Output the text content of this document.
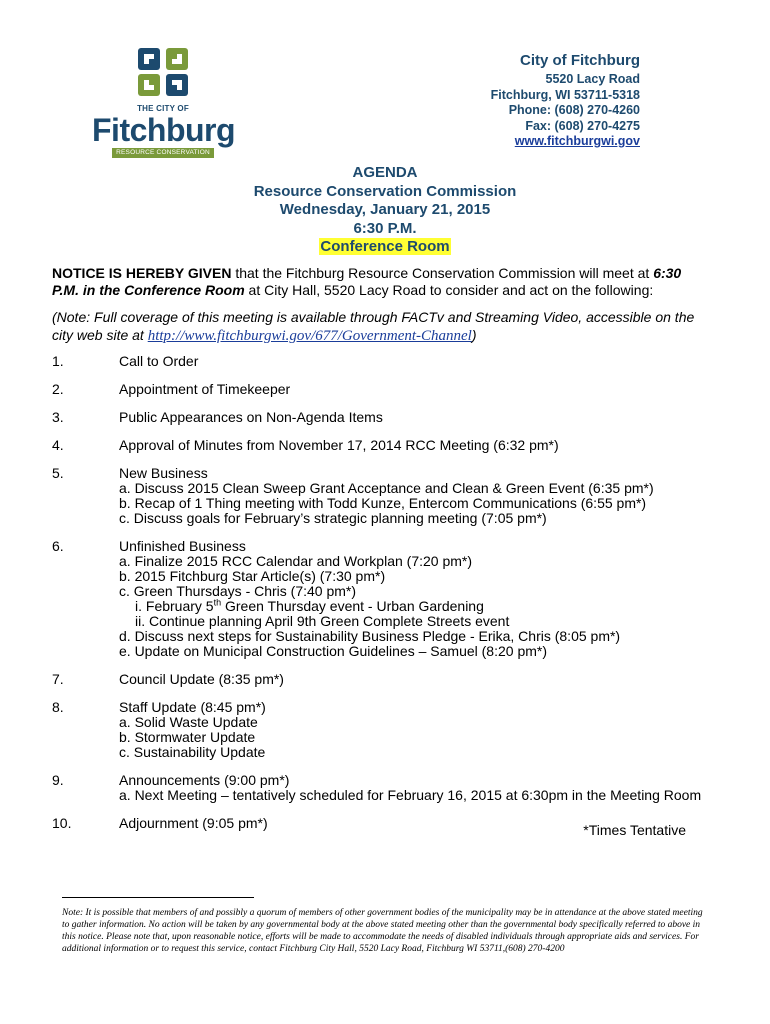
THE CITY OF
Fitchburg
RESOURCE CONSERVATION
City of Fitchburg
5520 Lacy Road
Fitchburg, WI 53711-5318
Phone: (608) 270-4260
Fax: (608) 270-4275
www.fitchburgwi.gov
AGENDA
Resource Conservation Commission
Wednesday, January 21, 2015
6:30 P.M.
Conference Room
NOTICE IS HEREBY GIVEN that the Fitchburg Resource Conservation Commission will meet at 6:30 P.M. in the Conference Room at City Hall, 5520 Lacy Road to consider and act on the following:
(Note: Full coverage of this meeting is available through FACTv and Streaming Video, accessible on the city web site at http://www.fitchburgwi.gov/677/Government-Channel)
1.	Call to Order
2.	Appointment of Timekeeper
3.	Public Appearances on Non-Agenda Items
4.	Approval of Minutes from November 17, 2014 RCC Meeting (6:32 pm*)
5.	New Business
a. Discuss 2015 Clean Sweep Grant Acceptance and Clean & Green Event (6:35 pm*)
b. Recap of 1 Thing meeting with Todd Kunze, Entercom Communications (6:55 pm*)
c. Discuss goals for February’s strategic planning meeting (7:05 pm*)
6.	Unfinished Business
a. Finalize 2015 RCC Calendar and Workplan (7:20 pm*)
b. 2015 Fitchburg Star Article(s) (7:30 pm*)
c. Green Thursdays - Chris (7:40 pm*)
i. February 5th Green Thursday event - Urban Gardening
ii. Continue planning April 9th Green Complete Streets event
d. Discuss next steps for Sustainability Business Pledge - Erika, Chris (8:05 pm*)
e. Update on Municipal Construction Guidelines – Samuel (8:20 pm*)
7.	Council Update (8:35 pm*)
8.	Staff Update (8:45 pm*)
a. Solid Waste Update
b. Stormwater Update
c. Sustainability Update
9.	Announcements (9:00 pm*)
a. Next Meeting – tentatively scheduled for February 16, 2015 at 6:30pm in the Meeting Room
10.	Adjournment (9:05 pm*)	*Times Tentative
Note: It is possible that members of and possibly a quorum of members of other government bodies of the municipality may be in attendance at the above stated meeting to gather information. No action will be taken by any governmental body at the above stated meeting other than the governmental body specifically referred to above in this notice. Please note that, upon reasonable notice, efforts will be made to accommodate the needs of disabled individuals through appropriate aids and services. For additional information or to request this service, contact Fitchburg City Hall, 5520 Lacy Road, Fitchburg WI 53711,(608) 270-4200
